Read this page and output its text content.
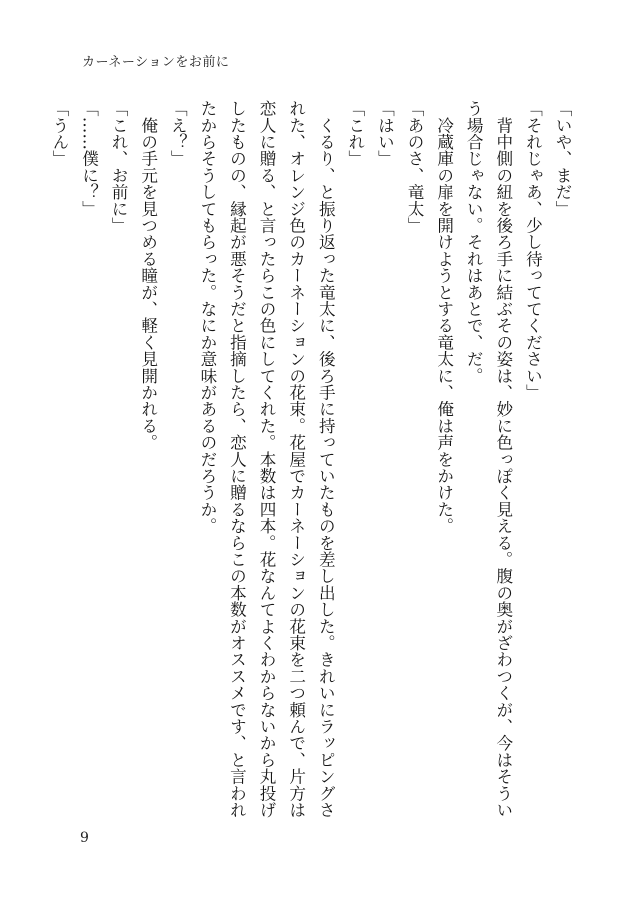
カーネーションをお前に

「いや、まだ」

「それじゃあ、少し待っててください」

　背中側の紐を後ろ手に結ぶその姿は、妙に色っぽく見える。腹の奥がざわつくが、今はそうい

う場合じゃない。それはあとで、だ。

　冷蔵庫の扉を開けようとする竜太に、俺は声をかけた。

「あのさ、竜太」

「はい」

「これ」

　くるり、と振り返った竜太に、後ろ手に持っていたものを差し出した。きれいにラッピングさ

れた、オレンジ色のカーネーションの花束。花屋でカーネーションの花束を二つ頼んで、片方は

恋人に贈る、と言ったらこの色にしてくれた。本数は四本。花なんてよくわからないから丸投げ

したものの、縁起が悪そうだと指摘したら、恋人に贈るならこの本数がオススメです、と言われ

たからそうしてもらった。なにか意味があるのだろうか。

「え？」

　俺の手元を見つめる瞳が、軽く見開かれる。

「これ、お前に」

「……僕に？」

「うん」

9
